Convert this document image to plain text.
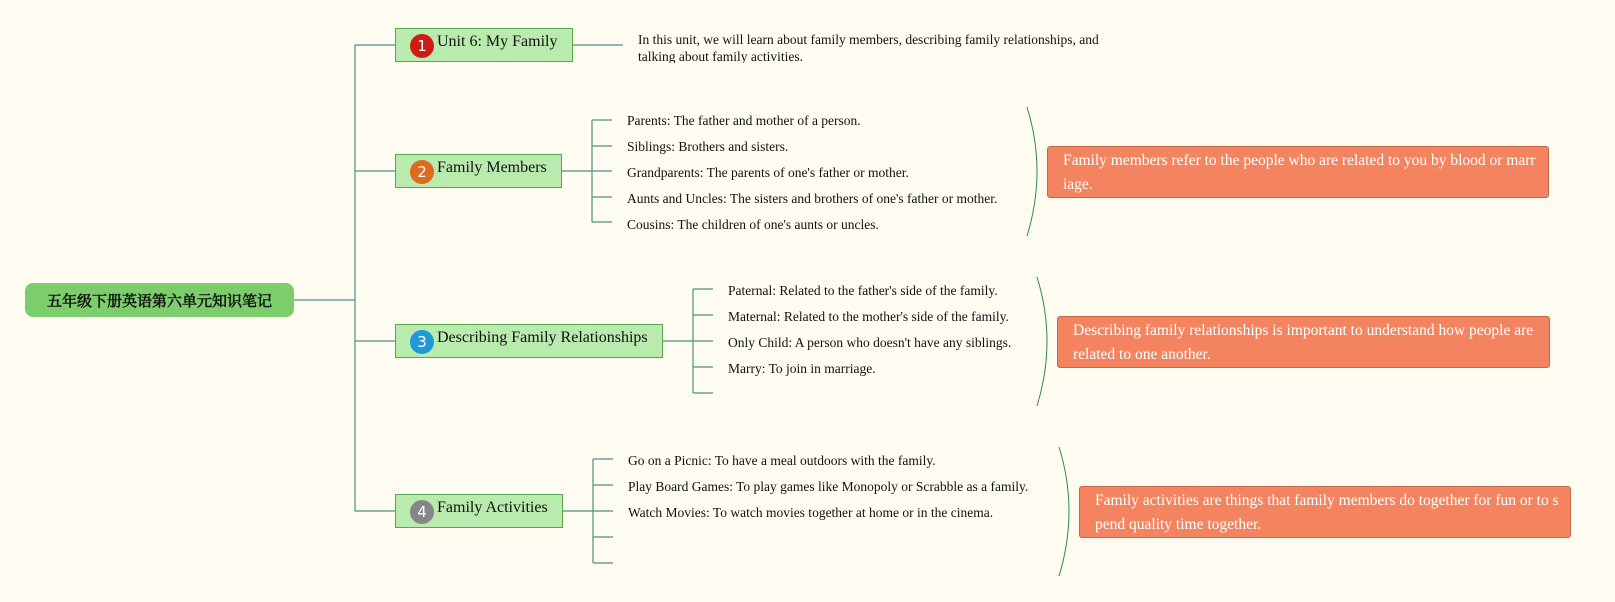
五年级下册英语第六单元知识笔记
1 Unit 6: My Family	In this unit, we will learn about family members, describing family relationships, and talking about family activities.
2 Family Members
Parents: The father and mother of a person.
Siblings: Brothers and sisters.
Grandparents: The parents of one's father or mother.
Aunts and Uncles: The sisters and brothers of one's father or mother.
Cousins: The children of one's aunts or uncles.
Family members refer to the people who are related to you by blood or marriage.
3 Describing Family Relationships
Paternal: Related to the father's side of the family.
Maternal: Related to the mother's side of the family.
Only Child: A person who doesn't have any siblings.
Marry: To join in marriage.
Describing family relationships is important to understand how people are related to one another.
4 Family Activities
Go on a Picnic: To have a meal outdoors with the family.
Play Board Games: To play games like Monopoly or Scrabble as a family.
Watch Movies: To watch movies together at home or in the cinema.
Family activities are things that family members do together for fun or to spend quality time together.
